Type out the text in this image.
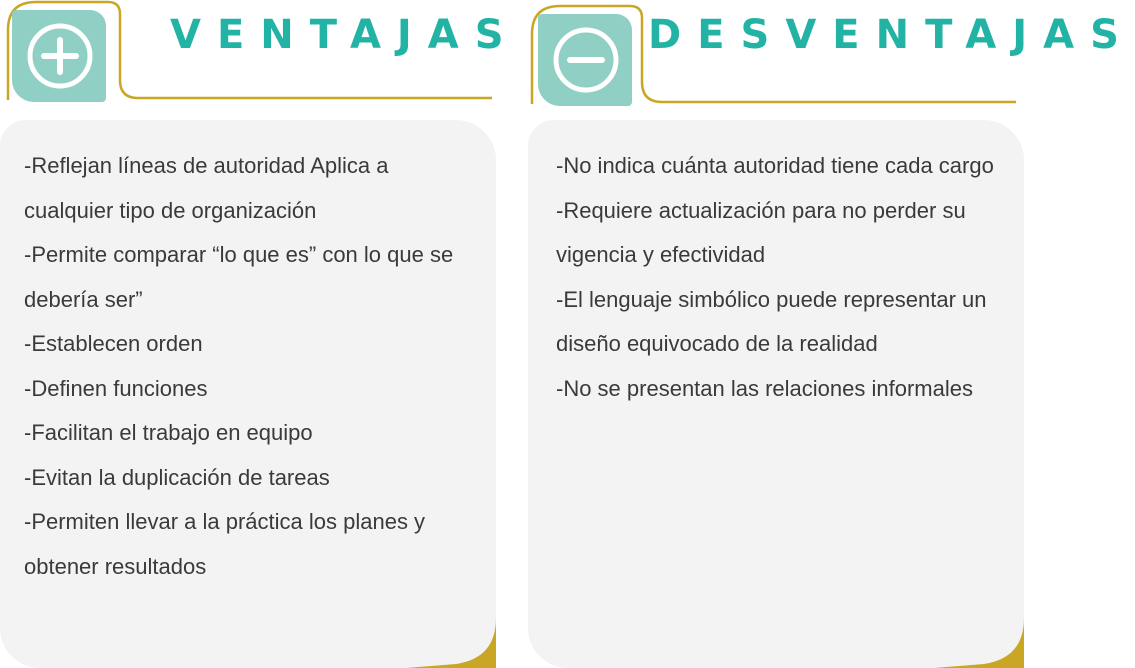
VENTAJAS
-Reflejan líneas de autoridad Aplica a cualquier tipo de organización
-Permite comparar “lo que es” con lo que se debería ser”
-Establecen orden
-Definen funciones
-Facilitan el trabajo en equipo
-Evitan la duplicación de tareas
-Permiten llevar a la práctica los planes y obtener resultados
DESVENTAJAS
-No indica cuánta autoridad tiene cada cargo
-Requiere actualización para no perder su vigencia y efectividad
-El lenguaje simbólico puede representar un diseño equivocado de la realidad
-No se presentan las relaciones informales
